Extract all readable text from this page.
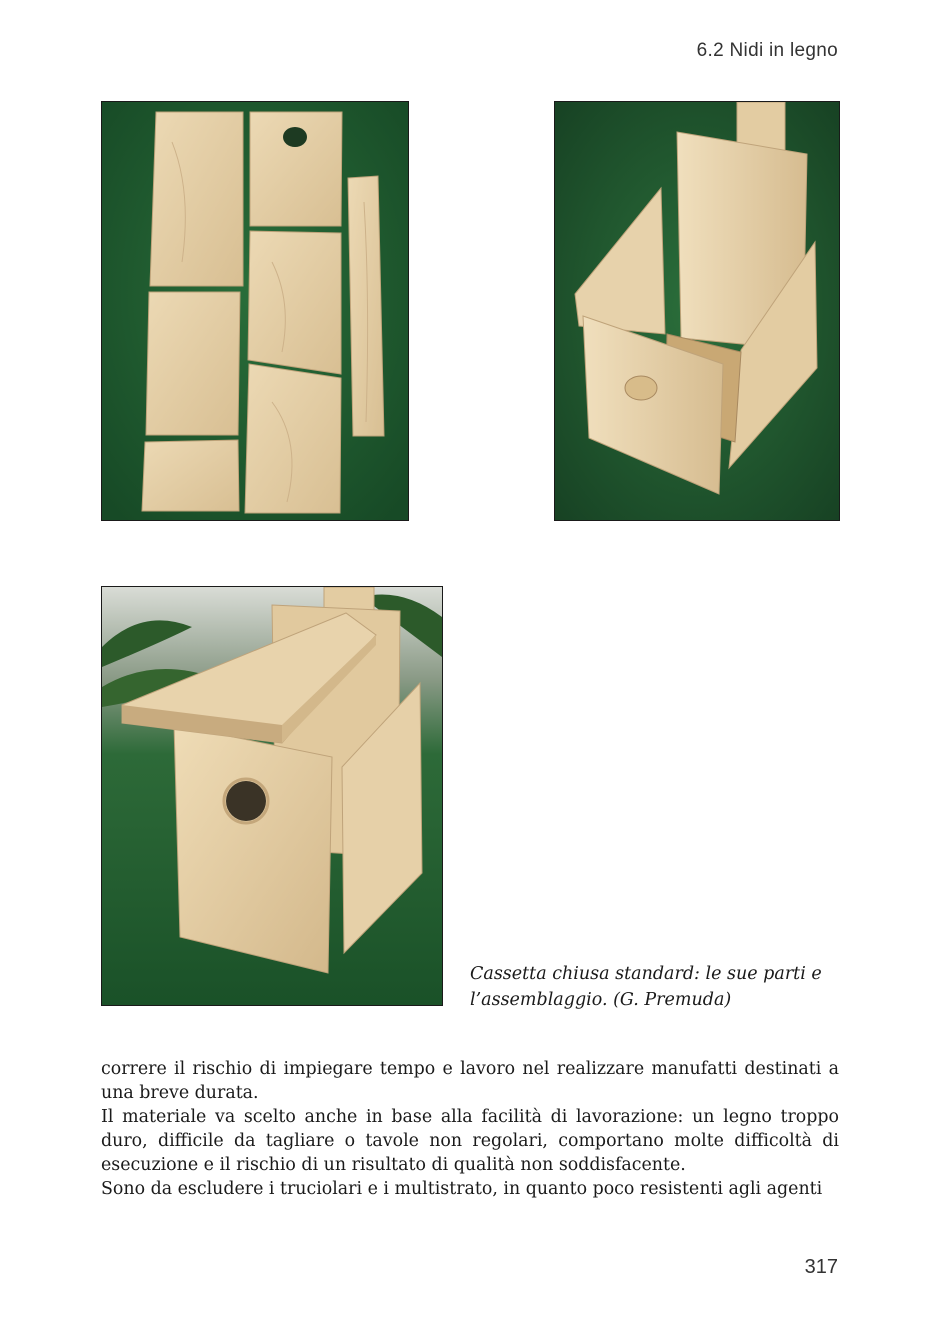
6.2 Nidi in legno
Cassetta chiusa standard: le sue parti e
l’assemblaggio. (G. Premuda)

correre il rischio di impiegare tempo e lavoro nel realizzare manufatti destinati a una breve durata.

Il materiale va scelto anche in base alla facilità di lavorazione: un legno troppo duro, difficile da tagliare o tavole non regolari, comportano molte difficoltà di esecuzione e il rischio di un risultato di qualità non soddisfacente.

Sono da escludere i truciolari e i multistrato, in quanto poco resistenti agli agenti

317
